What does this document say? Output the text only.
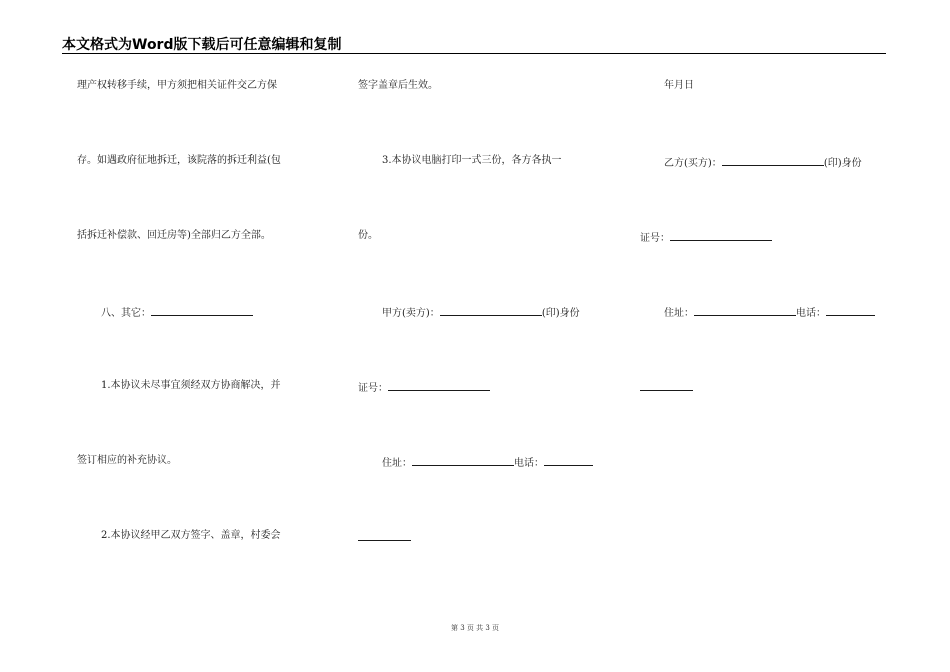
本文格式为Word版下载后可任意编辑和复制
理产权转移手续，甲方须把相关证件交乙方保
存。如遇政府征地拆迁，该院落的拆迁利益(包
括拆迁补偿款、回迁房等)全部归乙方全部。
八、其它：
1.本协议未尽事宜须经双方协商解决，并
签订相应的补充协议。
2.本协议经甲乙双方签字、盖章，村委会
签字盖章后生效。
3.本协议电脑打印一式三份，各方各执一
份。
甲方(卖方)：	(印)身份
证号：
住址：	电话：
年月日
乙方(买方)：	(印)身份
证号：
住址：	电话：
第 3 页 共 3 页
